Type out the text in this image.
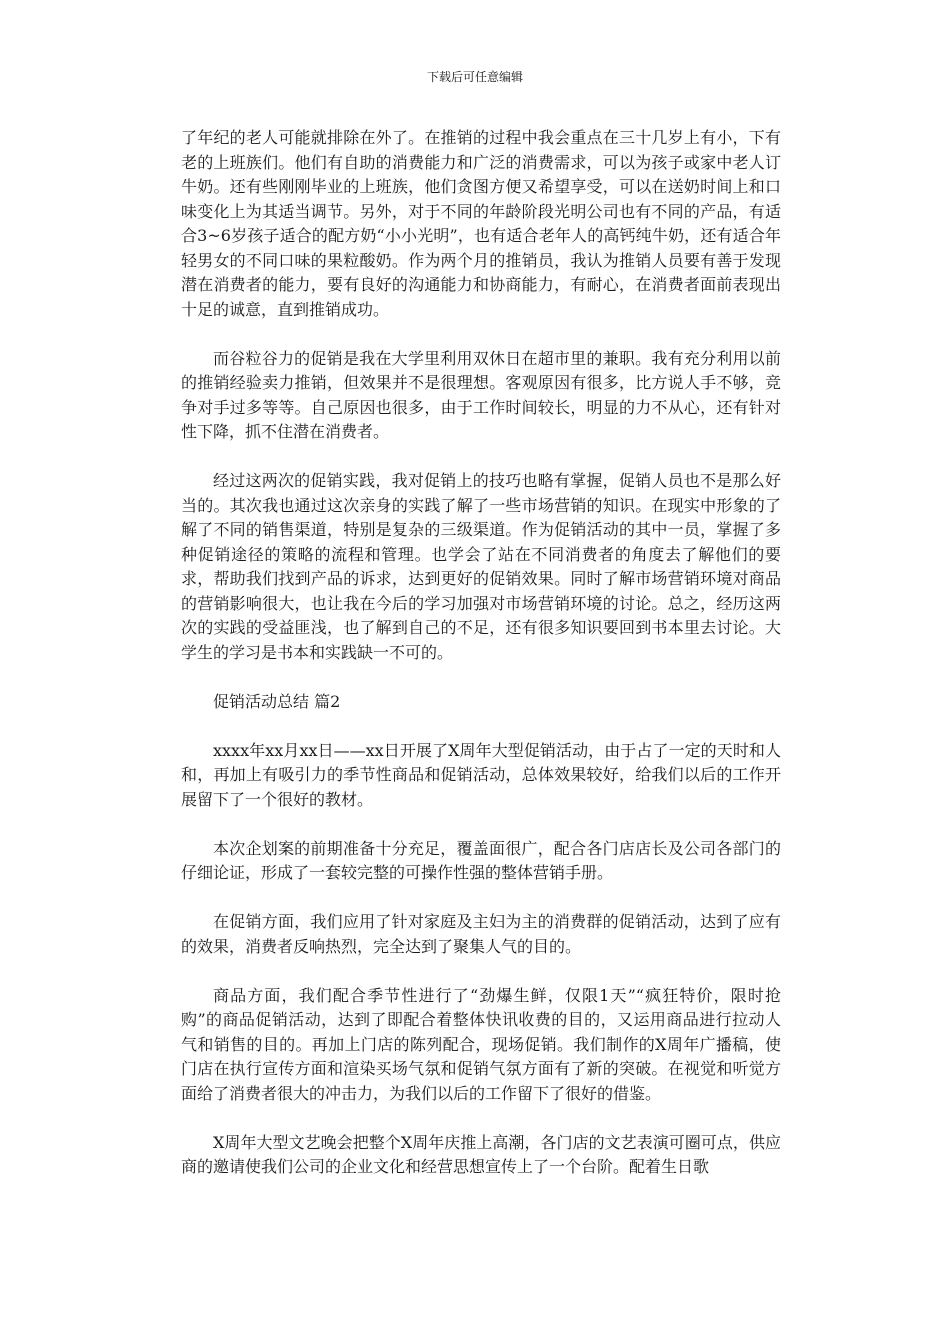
下载后可任意编辑

了年纪的老人可能就排除在外了。在推销的过程中我会重点在三十几岁上有小，下有老的上班族们。他们有自助的消费能力和广泛的消费需求，可以为孩子或家中老人订牛奶。还有些刚刚毕业的上班族，他们贪图方便又希望享受，可以在送奶时间上和口味变化上为其适当调节。另外，对于不同的年龄阶段光明公司也有不同的产品，有适合3~6岁孩子适合的配方奶“小小光明”，也有适合老年人的高钙纯牛奶，还有适合年轻男女的不同口味的果粒酸奶。作为两个月的推销员，我认为推销人员要有善于发现潜在消费者的能力，要有良好的沟通能力和协商能力，有耐心，在消费者面前表现出十足的诚意，直到推销成功。

而谷粒谷力的促销是我在大学里利用双休日在超市里的兼职。我有充分利用以前的推销经验卖力推销，但效果并不是很理想。客观原因有很多，比方说人手不够，竞争对手过多等等。自己原因也很多，由于工作时间较长，明显的力不从心，还有针对性下降，抓不住潜在消费者。

经过这两次的促销实践，我对促销上的技巧也略有掌握，促销人员也不是那么好当的。其次我也通过这次亲身的实践了解了一些市场营销的知识。在现实中形象的了解了不同的销售渠道，特别是复杂的三级渠道。作为促销活动的其中一员，掌握了多种促销途径的策略的流程和管理。也学会了站在不同消费者的角度去了解他们的要求，帮助我们找到产品的诉求，达到更好的促销效果。同时了解市场营销环境对商品的营销影响很大，也让我在今后的学习加强对市场营销环境的讨论。总之，经历这两次的实践的受益匪浅，也了解到自己的不足，还有很多知识要回到书本里去讨论。大学生的学习是书本和实践缺一不可的。

促销活动总结 篇2

xxxx年xx月xx日——xx日开展了X周年大型促销活动，由于占了一定的天时和人和，再加上有吸引力的季节性商品和促销活动，总体效果较好，给我们以后的工作开展留下了一个很好的教材。

本次企划案的前期准备十分充足，覆盖面很广，配合各门店店长及公司各部门的仔细论证，形成了一套较完整的可操作性强的整体营销手册。

在促销方面，我们应用了针对家庭及主妇为主的消费群的促销活动，达到了应有的效果，消费者反响热烈，完全达到了聚集人气的目的。

商品方面，我们配合季节性进行了“劲爆生鲜，仅限1天”“疯狂特价，限时抢购”的商品促销活动，达到了即配合着整体快讯收费的目的，又运用商品进行拉动人气和销售的目的。再加上门店的陈列配合，现场促销。我们制作的X周年广播稿，使门店在执行宣传方面和渲染买场气氛和促销气氛方面有了新的突破。在视觉和听觉方面给了消费者很大的冲击力，为我们以后的工作留下了很好的借鉴。

X周年大型文艺晚会把整个X周年庆推上高潮，各门店的文艺表演可圈可点，供应商的邀请使我们公司的企业文化和经营思想宣传上了一个台阶。配着生日歌
